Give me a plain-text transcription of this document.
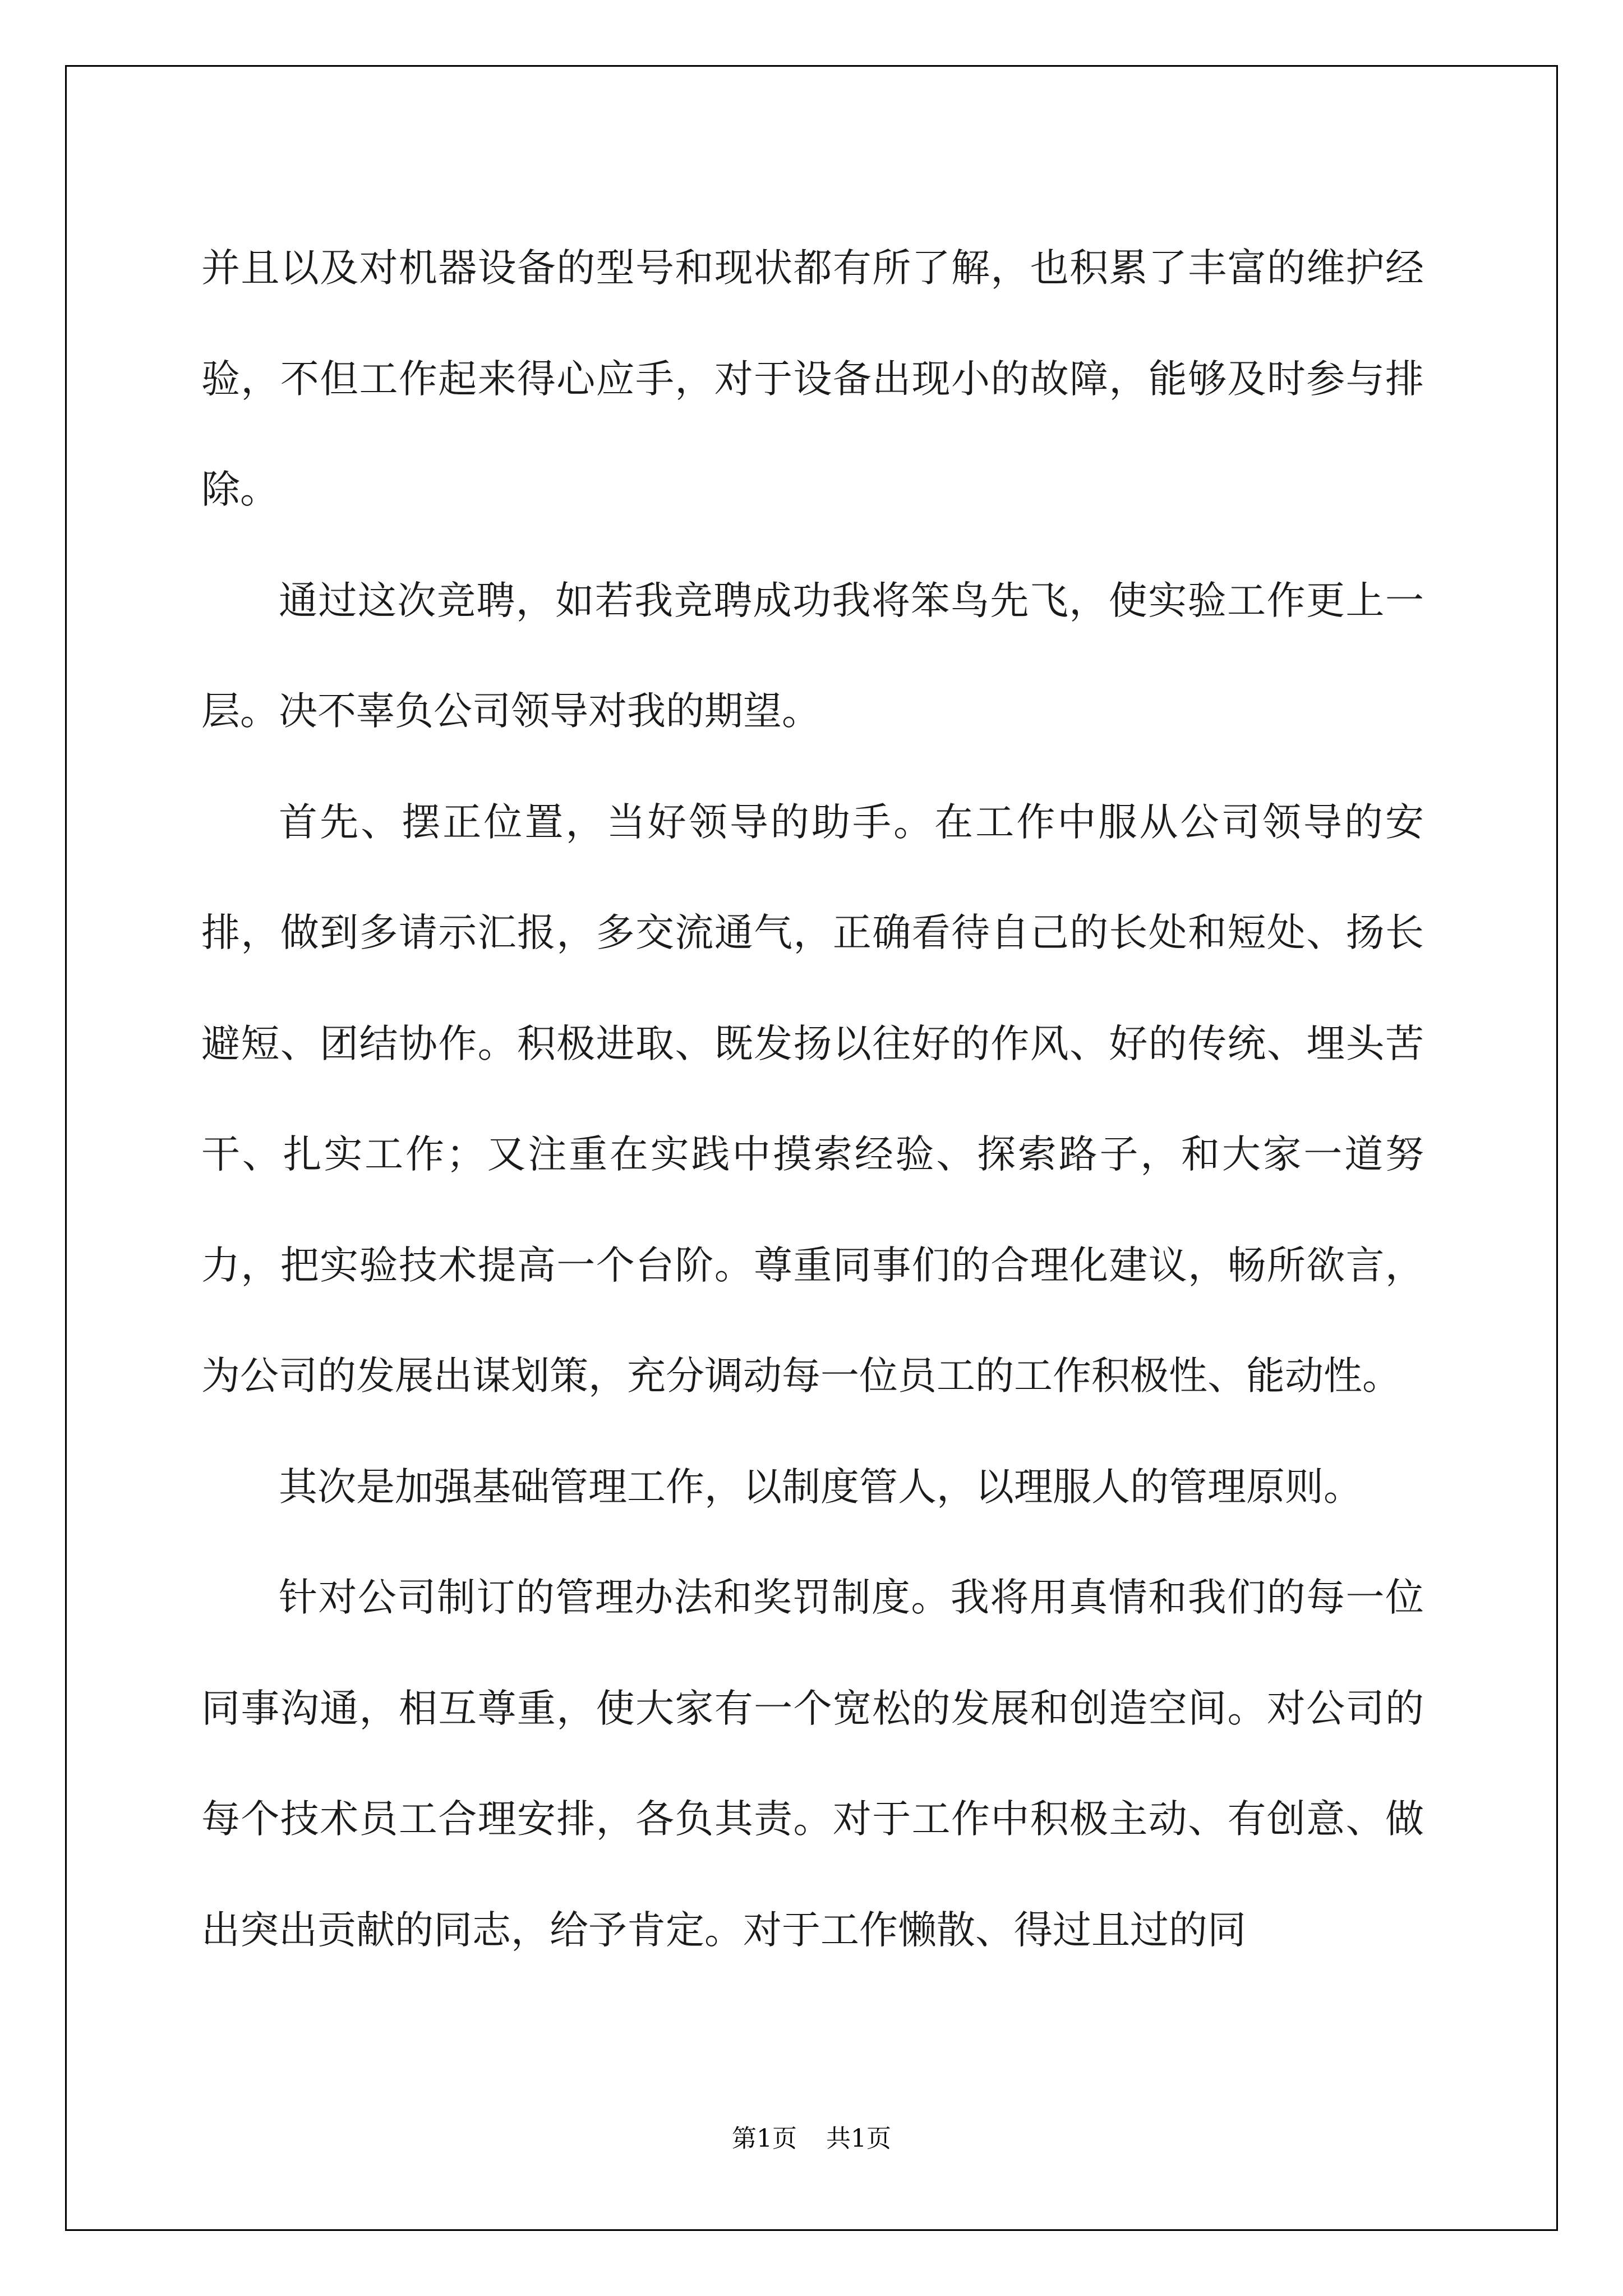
并且以及对机器设备的型号和现状都有所了解，也积累了丰富的维护经验，不但工作起来得心应手，对于设备出现小的故障，能够及时参与排除。

通过这次竞聘，如若我竞聘成功我将笨鸟先飞，使实验工作更上一层。决不辜负公司领导对我的期望。

首先、摆正位置，当好领导的助手。在工作中服从公司领导的安排，做到多请示汇报，多交流通气，正确看待自己的长处和短处、扬长避短、团结协作。积极进取、既发扬以往好的作风、好的传统、埋头苦干、扎实工作；又注重在实践中摸索经验、探索路子，和大家一道努力，把实验技术提高一个台阶。尊重同事们的合理化建议，畅所欲言，为公司的发展出谋划策，充分调动每一位员工的工作积极性、能动性。

其次是加强基础管理工作，以制度管人，以理服人的管理原则。

针对公司制订的管理办法和奖罚制度。我将用真情和我们的每一位同事沟通，相互尊重，使大家有一个宽松的发展和创造空间。对公司的每个技术员工合理安排，各负其责。对于工作中积极主动、有创意、做出突出贡献的同志，给予肯定。对于工作懒散、得过且过的同

第1页 共1页
